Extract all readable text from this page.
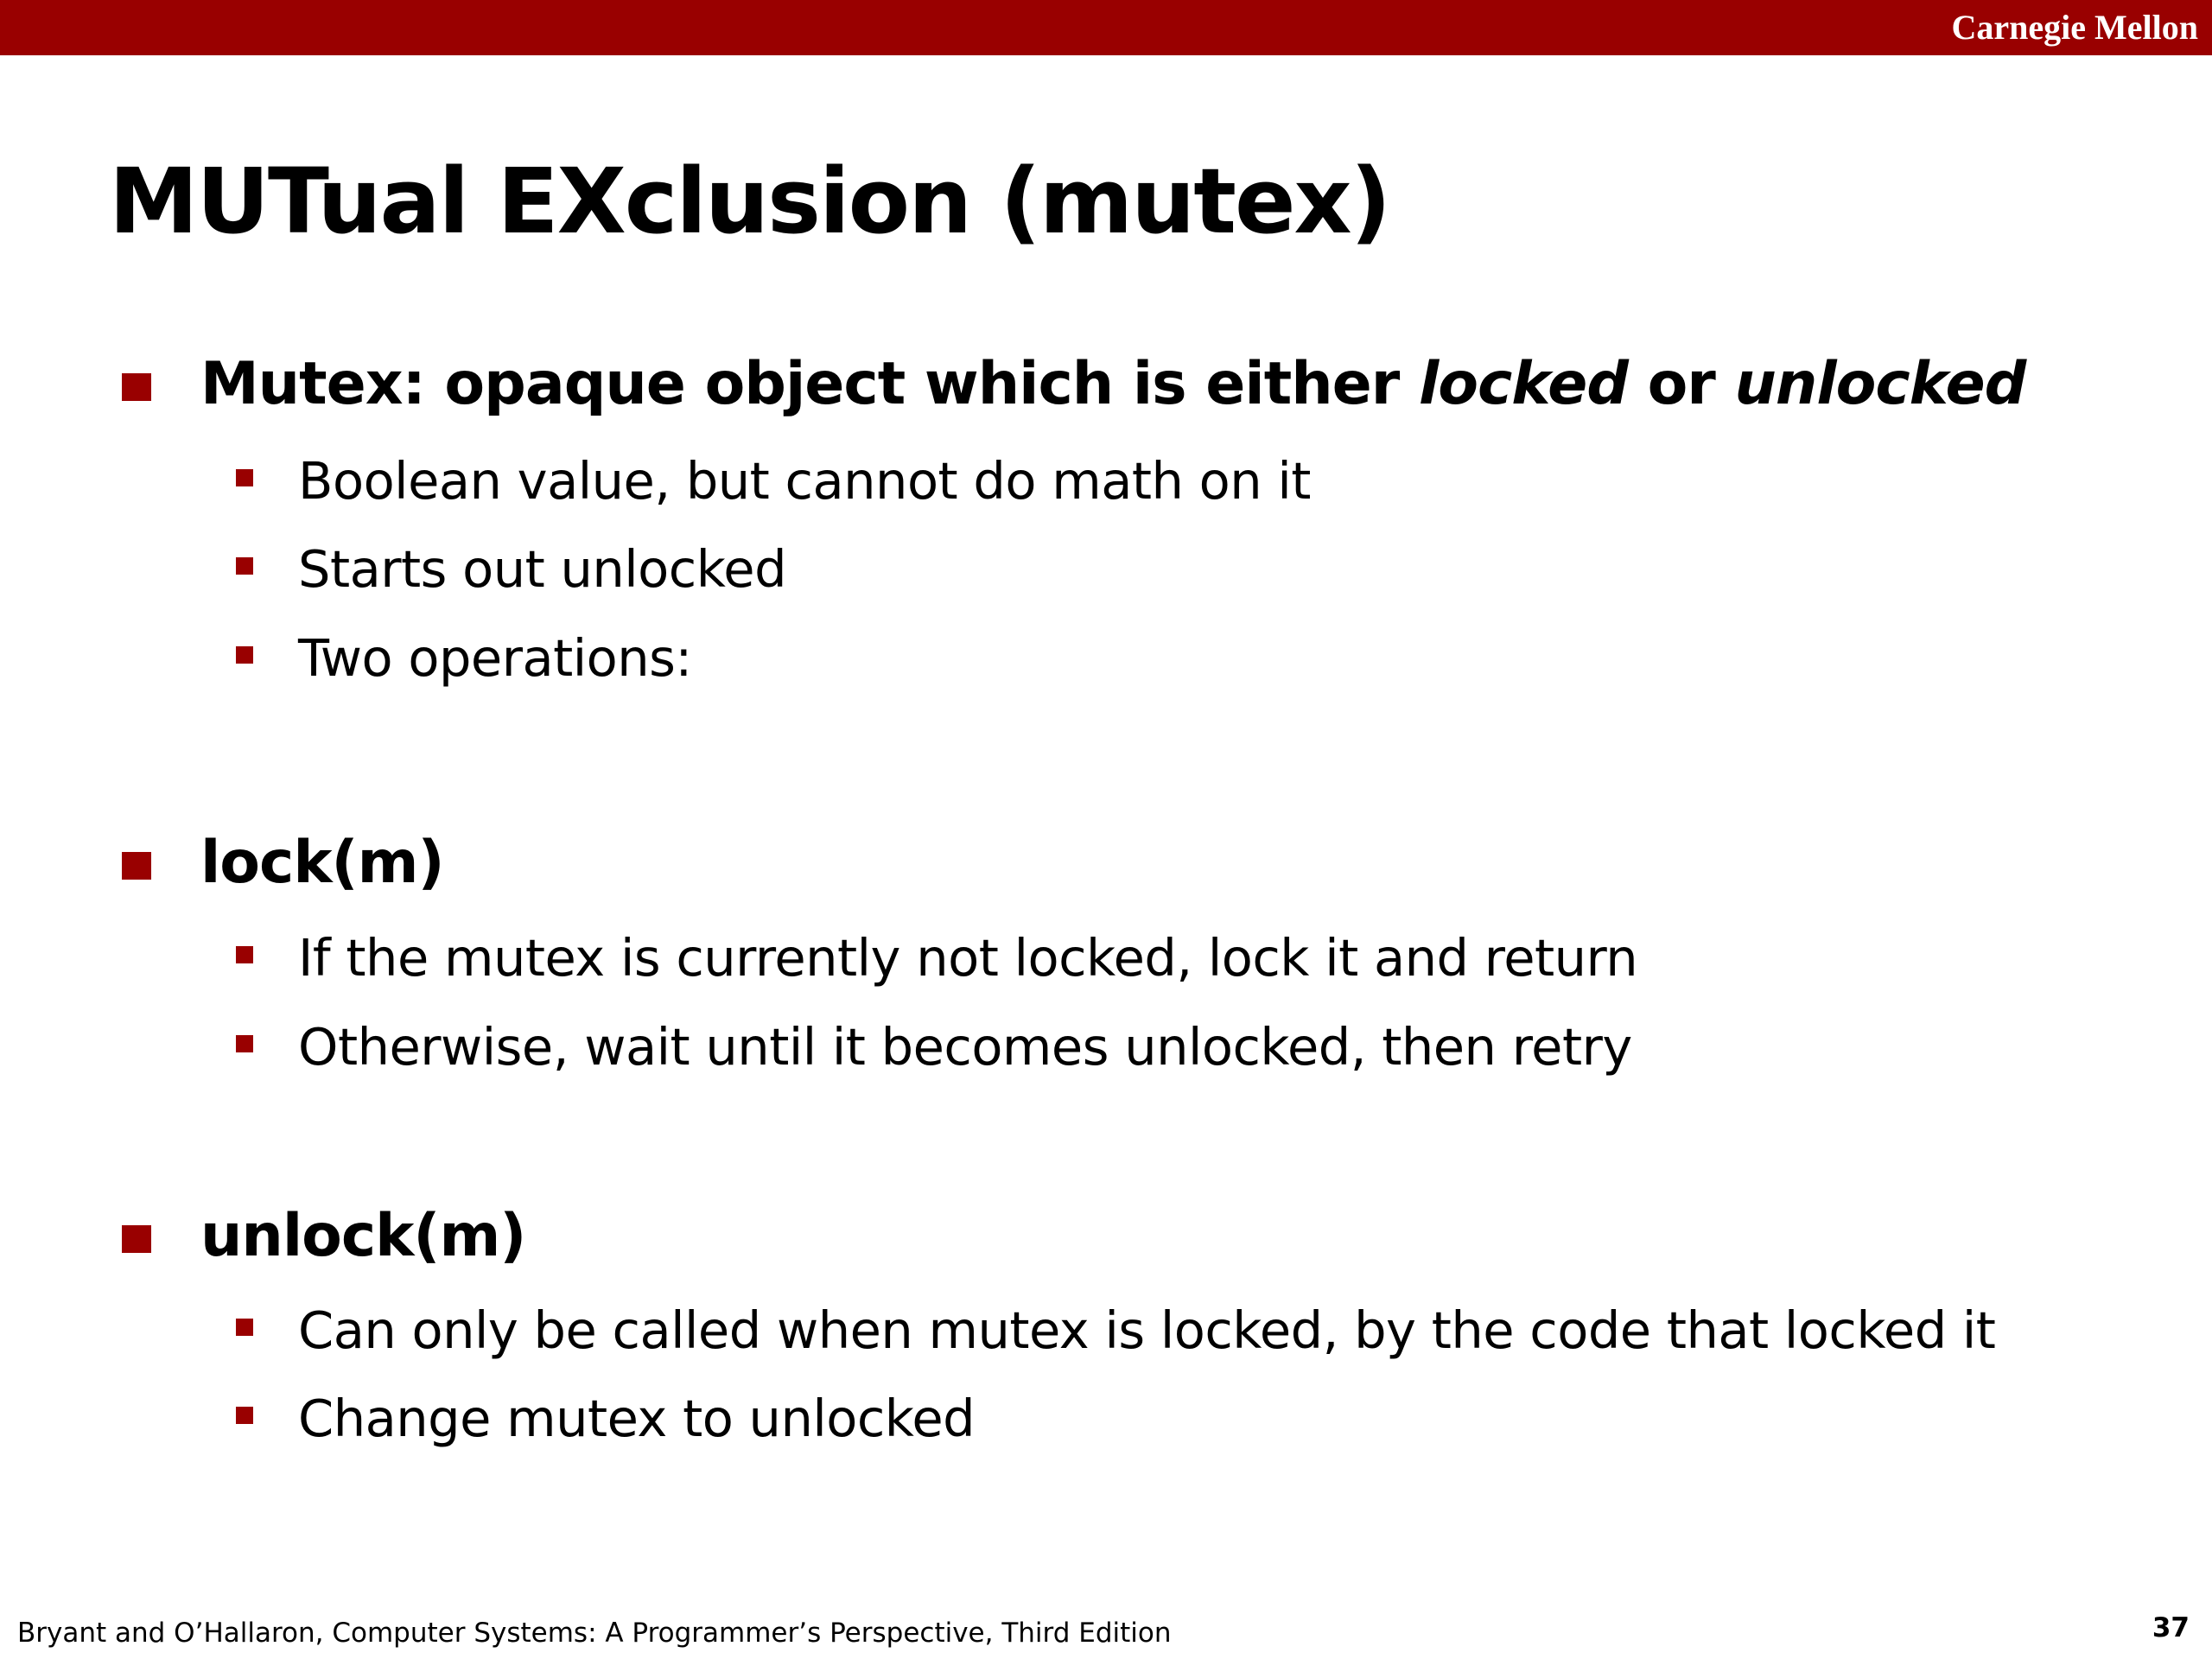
Carnegie Mellon
MUTual EXclusion (mutex)
Mutex: opaque object which is either locked or unlocked
Boolean value, but cannot do math on it
Starts out unlocked
Two operations:
lock(m)
If the mutex is currently not locked, lock it and return
Otherwise, wait until it becomes unlocked, then retry
unlock(m)
Can only be called when mutex is locked, by the code that locked it
Change mutex to unlocked
Bryant and O’Hallaron, Computer Systems: A Programmer’s Perspective, Third Edition	37
